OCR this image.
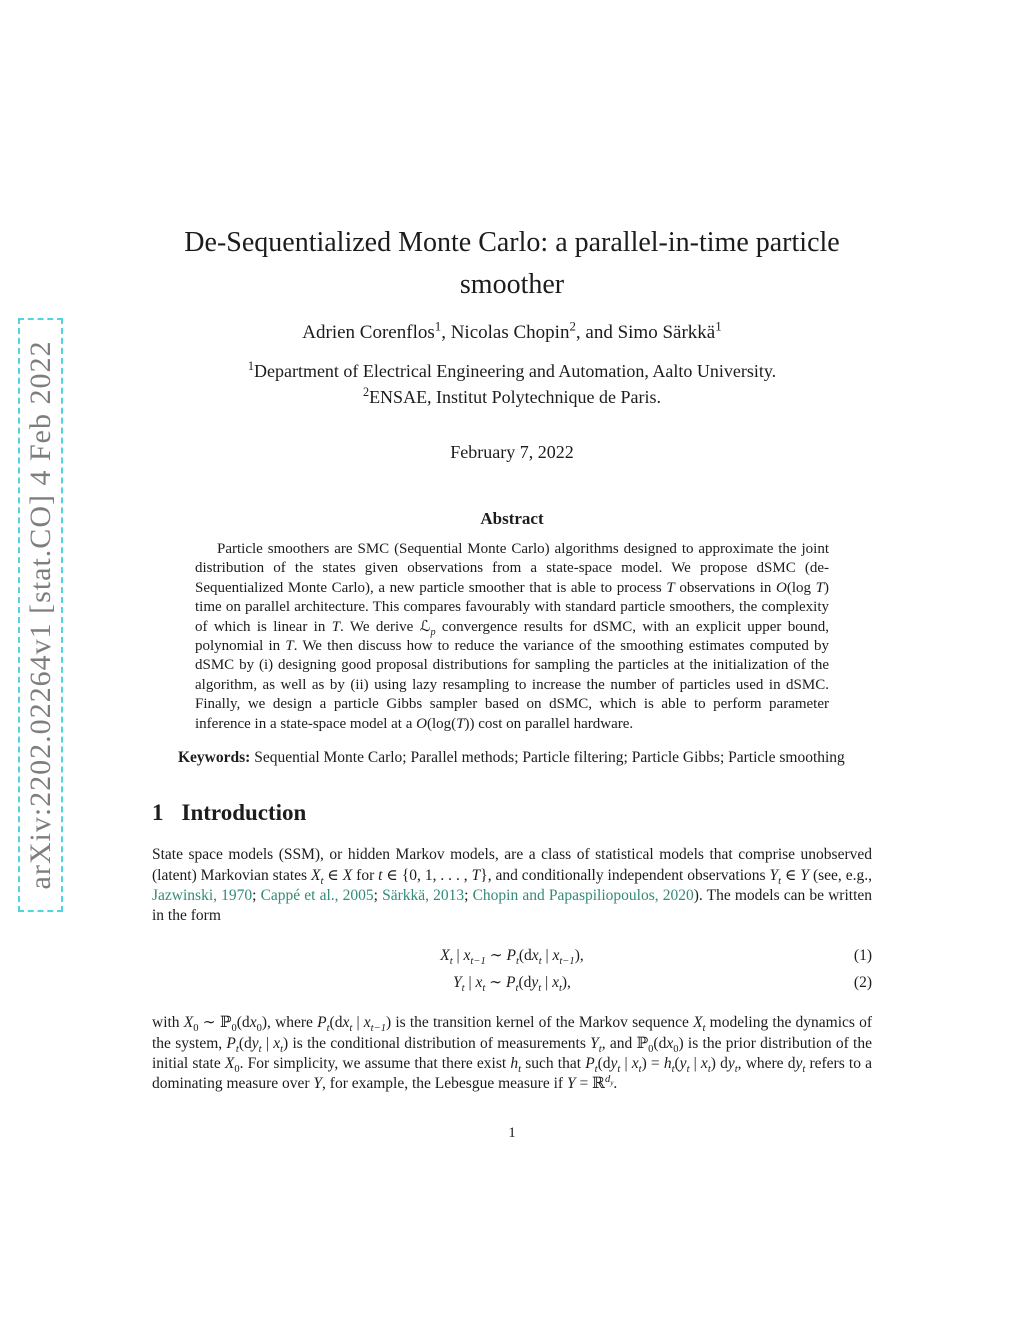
arXiv:2202.02264v1 [stat.CO] 4 Feb 2022
De-Sequentialized Monte Carlo: a parallel-in-time particle smoother
Adrien Corenflos$^1$, Nicolas Chopin$^2$, and Simo Särkkä$^1$
$^1$Department of Electrical Engineering and Automation, Aalto University.
$^2$ENSAE, Institut Polytechnique de Paris.
February 7, 2022
Abstract

Particle smoothers are SMC (Sequential Monte Carlo) algorithms designed to approximate the joint distribution of the states given observations from a state-space model. We propose dSMC (de-Sequentialized Monte Carlo), a new particle smoother that is able to process T observations in O(log T) time on parallel architecture. This compares favourably with standard particle smoothers, the complexity of which is linear in T. We derive ℒ$_p$ convergence results for dSMC, with an explicit upper bound, polynomial in T. We then discuss how to reduce the variance of the smoothing estimates computed by dSMC by (i) designing good proposal distributions for sampling the particles at the initialization of the algorithm, as well as by (ii) using lazy resampling to increase the number of particles used in dSMC. Finally, we design a particle Gibbs sampler based on dSMC, which is able to perform parameter inference in a state-space model at a O(log(T)) cost on parallel hardware.

Keywords: Sequential Monte Carlo; Parallel methods; Particle filtering; Particle Gibbs; Particle smoothing

1 Introduction

State space models (SSM), or hidden Markov models, are a class of statistical models that comprise unobserved (latent) Markovian states $X_t$ ∈ X for t ∈ {0, 1, . . . , T}, and conditionally independent observations $Y_t$ ∈ Y (see, e.g., Jazwinski, 1970; Cappé et al., 2005; Särkkä, 2013; Chopin and Papaspiliopoulos, 2020). The models can be written in the form

$X_t$ | $x_{t-1}$ ∼ $P_t(dx_t$ | $x_{t-1}$),	(1)
$Y_t$ | $x_t$ ∼ $P_t(dy_t$ | $x_t$),	(2)

with $X_0$ ∼ $ℙ_0(dx_0)$, where $P_t(dx_t$ | $x_{t-1}$) is the transition kernel of the Markov sequence $X_t$ modeling the dynamics of the system, $P_t(dy_t$ | $x_t$) is the conditional distribution of measurements $Y_t$, and $ℙ_0(dx_0)$ is the prior distribution of the initial state $X_0$. For simplicity, we assume that there exist $h_t$ such that $P_t(dy_t$ | $x_t) = h_t(y_t$ | $x_t$) $dy_t$, where $dy_t$ refers to a dominating measure over Y, for example, the Lebesgue measure if Y = ℝ$^{d_y}$.

1
